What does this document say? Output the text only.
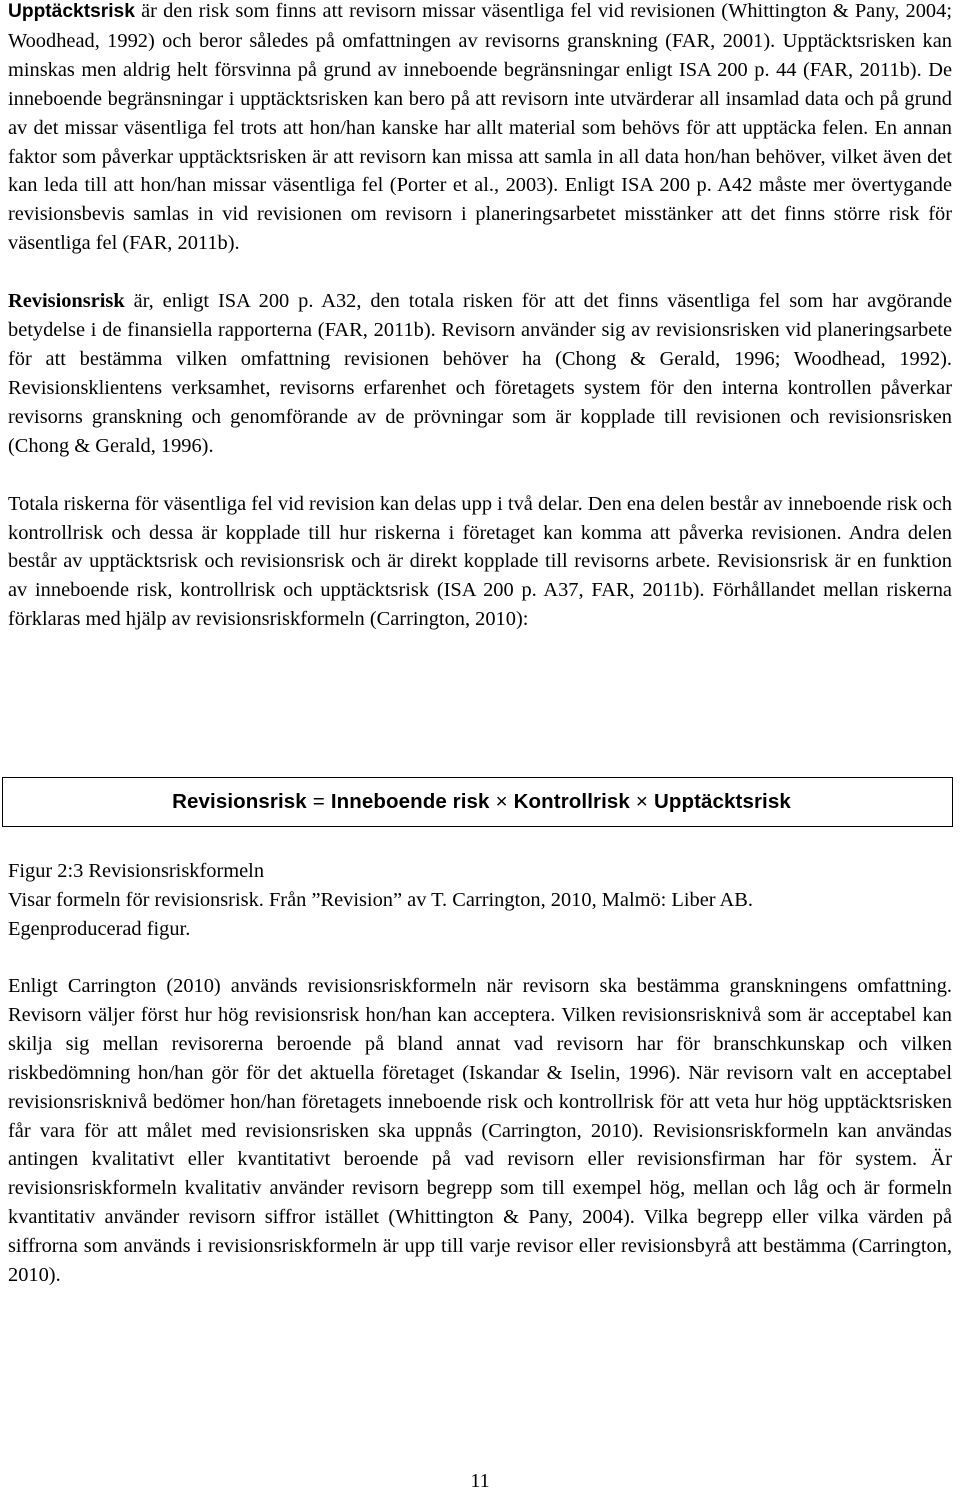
Upptäcktsrisk är den risk som finns att revisorn missar väsentliga fel vid revisionen (Whittington & Pany, 2004; Woodhead, 1992) och beror således på omfattningen av revisorns granskning (FAR, 2001). Upptäcktsrisken kan minskas men aldrig helt försvinna på grund av inneboende begränsningar enligt ISA 200 p. 44 (FAR, 2011b). De inneboende begränsningar i upptäcktsrisken kan bero på att revisorn inte utvärderar all insamlad data och på grund av det missar väsentliga fel trots att hon/han kanske har allt material som behövs för att upptäcka felen. En annan faktor som påverkar upptäcktsrisken är att revisorn kan missa att samla in all data hon/han behöver, vilket även det kan leda till att hon/han missar väsentliga fel (Porter et al., 2003). Enligt ISA 200 p. A42 måste mer övertygande revisionsbevis samlas in vid revisionen om revisorn i planeringsarbetet misstänker att det finns större risk för väsentliga fel (FAR, 2011b).

Revisionsrisk är, enligt ISA 200 p. A32, den totala risken för att det finns väsentliga fel som har avgörande betydelse i de finansiella rapporterna (FAR, 2011b). Revisorn använder sig av revisionsrisken vid planeringsarbete för att bestämma vilken omfattning revisionen behöver ha (Chong & Gerald, 1996; Woodhead, 1992). Revisionsklientens verksamhet, revisorns erfarenhet och företagets system för den interna kontrollen påverkar revisorns granskning och genomförande av de prövningar som är kopplade till revisionen och revisionsrisken (Chong & Gerald, 1996).

Totala riskerna för väsentliga fel vid revision kan delas upp i två delar. Den ena delen består av inneboende risk och kontrollrisk och dessa är kopplade till hur riskerna i företaget kan komma att påverka revisionen. Andra delen består av upptäcktsrisk och revisionsrisk och är direkt kopplade till revisorns arbete. Revisionsrisk är en funktion av inneboende risk, kontrollrisk och upptäcktsrisk (ISA 200 p. A37, FAR, 2011b). Förhållandet mellan riskerna förklaras med hjälp av revisionsriskformeln (Carrington, 2010):

Revisionsrisk = Inneboende risk × Kontrollrisk × Upptäcktsrisk
Figur 2:3 Revisionsriskformeln
Visar formeln för revisionsrisk. Från ”Revision” av T. Carrington, 2010, Malmö: Liber AB.
Egenproducerad figur.

Enligt Carrington (2010) används revisionsriskformeln när revisorn ska bestämma granskningens omfattning. Revisorn väljer först hur hög revisionsrisk hon/han kan acceptera. Vilken revisionsrisknivå som är acceptabel kan skilja sig mellan revisorerna beroende på bland annat vad revisorn har för branschkunskap och vilken riskbedömning hon/han gör för det aktuella företaget (Iskandar & Iselin, 1996). När revisorn valt en acceptabel revisionsrisknivå bedömer hon/han företagets inneboende risk och kontrollrisk för att veta hur hög upptäcktsrisken får vara för att målet med revisionsrisken ska uppnås (Carrington, 2010). Revisionsriskformeln kan användas antingen kvalitativt eller kvantitativt beroende på vad revisorn eller revisionsfirman har för system. Är revisionsriskformeln kvalitativ använder revisorn begrepp som till exempel hög, mellan och låg och är formeln kvantitativ använder revisorn siffror istället (Whittington & Pany, 2004). Vilka begrepp eller vilka värden på siffrorna som används i revisionsriskformeln är upp till varje revisor eller revisionsbyrå att bestämma (Carrington, 2010).

11
